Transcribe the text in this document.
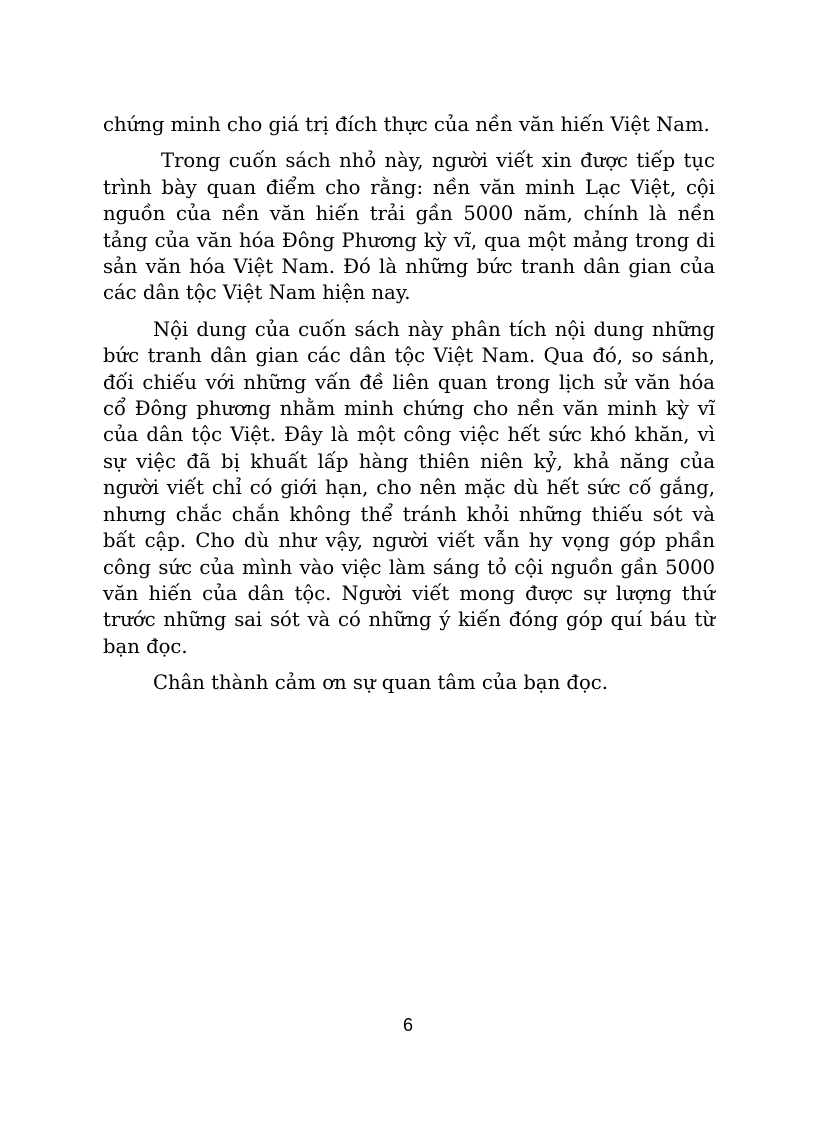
chứng minh cho giá trị đích thực của nền văn hiến Việt Nam.

Trong cuốn sách nhỏ này, người viết xin được tiếp tục trình bày quan điểm cho rằng: nền văn minh Lạc Việt, cội nguồn của nền văn hiến trải gần 5000 năm, chính là nền tảng của văn hóa Đông Phương kỳ vĩ, qua một mảng trong di sản văn hóa Việt Nam. Đó là những bức tranh dân gian của các dân tộc Việt Nam hiện nay.

Nội dung của cuốn sách này phân tích nội dung những bức tranh dân gian các dân tộc Việt Nam. Qua đó, so sánh, đối chiếu với những vấn đề liên quan trong lịch sử văn hóa cổ Đông phương nhằm minh chứng cho nền văn minh kỳ vĩ của dân tộc Việt. Đây là một công việc hết sức khó khăn, vì sự việc đã bị khuất lấp hàng thiên niên kỷ, khả năng của người viết chỉ có giới hạn, cho nên mặc dù hết sức cố gắng, nhưng chắc chắn không thể tránh khỏi những thiếu sót và bất cập. Cho dù như vậy, người viết vẫn hy vọng góp phần công sức của mình vào việc làm sáng tỏ cội nguồn gần 5000 văn hiến của dân tộc. Người viết mong được sự lượng thứ trước những sai sót và có những ý kiến đóng góp quí báu từ bạn đọc.

Chân thành cảm ơn sự quan tâm của bạn đọc.

6
